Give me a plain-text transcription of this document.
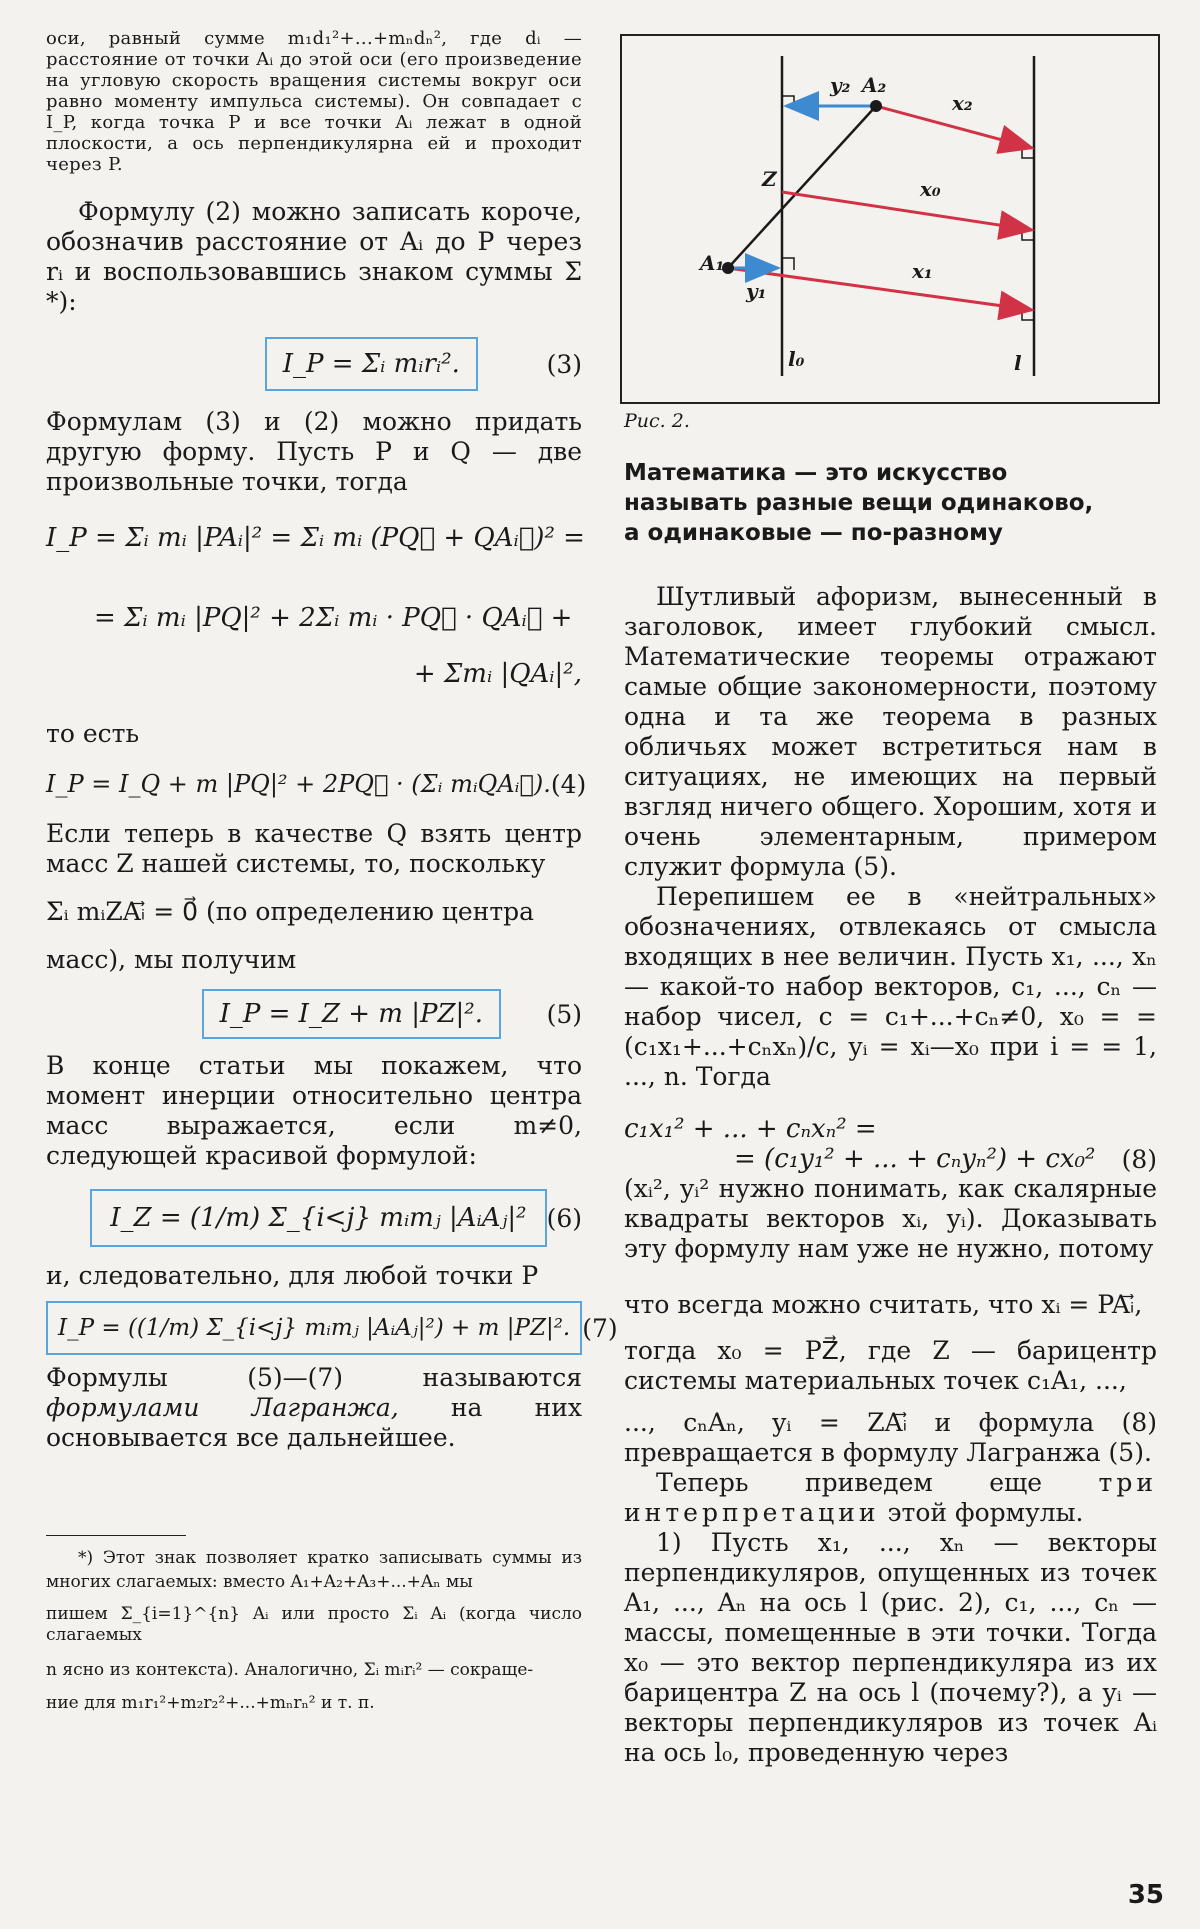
оси, равный сумме m₁d₁²+...+mₙdₙ², где dᵢ — расстояние от точки Aᵢ до этой оси (его произведение на угловую скорость вращения системы вокруг оси равно моменту импульса системы). Он совпадает с I_P, когда точка P и все точки Aᵢ лежат в одной плоскости, а ось перпендикулярна ей и проходит через P.

Формулу (2) можно записать короче, обозначив расстояние от Aᵢ до P через rᵢ и воспользовавшись знаком суммы Σ *):

I_P = Σᵢ mᵢrᵢ².	(3)

Формулам (3) и (2) можно придать другую форму. Пусть P и Q — две произвольные точки, тогда

I_P = Σᵢ mᵢ |PAᵢ|² = Σᵢ mᵢ (PQ⃗ + QAᵢ⃗)² =
= Σᵢ mᵢ |PQ|² + 2Σᵢ mᵢ · PQ⃗ · QAᵢ⃗ +
+ Σmᵢ |QAᵢ|²,

то есть

I_P = I_Q + m |PQ|² + 2PQ⃗ · (Σᵢ mᵢQAᵢ⃗). (4)

Если теперь в качестве Q взять центр масс Z нашей системы, то, поскольку

Σᵢ mᵢZAᵢ⃗ = 0⃗ (по определению центра

масс), мы получим

I_P = I_Z + m |PZ|².	(5)

В конце статьи мы покажем, что момент инерции относительно центра масс выражается, если m≠0, следующей красивой формулой:

I_Z = (1/m) Σ_{i<j} mᵢmⱼ |AᵢAⱼ|² (6)

и, следовательно, для любой точки P

I_P = ((1/m) Σ_{i<j} mᵢmⱼ |AᵢAⱼ|²) + m |PZ|². (7)

Формулы (5)—(7) называются формулами Лагранжа, на них основывается все дальнейшее.

*) Этот знак позволяет кратко записывать суммы из многих слагаемых: вместо A₁+A₂+A₃+...+Aₙ мы

пишем Σ_{i=1}^{n} Aᵢ или просто Σᵢ Aᵢ (когда число слагаемых

n ясно из контекста). Аналогично, Σᵢ mᵢrᵢ² — сокраще-

ние для m₁r₁²+m₂r₂²+...+mₙrₙ² и т. п.

A₂
y₂
x₂
Z	x₀
A₁
y₁
x₁
l₀	l
Рис. 2.
Математика — это искусство
называть разные вещи одинаково,
а одинаковые — по-разному

Шутливый афоризм, вынесенный в заголовок, имеет глубокий смысл. Математические теоремы отражают самые общие закономерности, поэтому одна и та же теорема в разных обличьях может встретиться нам в ситуациях, не имеющих на первый взгляд ничего общего. Хорошим, хотя и очень элементарным, примером служит формула (5).

Перепишем ее в «нейтральных» обозначениях, отвлекаясь от смысла входящих в нее величин. Пусть x₁, ..., xₙ — какой-то набор векторов, c₁, ..., cₙ — набор чисел, c = c₁+...+cₙ≠0, x₀ = = (c₁x₁+...+cₙxₙ)/c, yᵢ = xᵢ—x₀ при i = = 1, ..., n. Тогда

c₁x₁² + ... + cₙxₙ² =
= (c₁y₁² + ... + cₙyₙ²) + cx₀² (8)

(xᵢ², yᵢ² нужно понимать, как скалярные квадраты векторов xᵢ, yᵢ). Доказывать эту формулу нам уже не нужно, потому

что всегда можно считать, что xᵢ = PAᵢ⃗,

тогда x₀ = PZ⃗, где Z — барицентр системы материальных точек c₁A₁, ...,

..., cₙAₙ, yᵢ = ZAᵢ⃗ и формула (8) превращается в формулу Лагранжа (5).

Теперь приведем еще три интерпретации этой формулы.

1) Пусть x₁, ..., xₙ — векторы перпендикуляров, опущенных из точек A₁, ..., Aₙ на ось l (рис. 2), c₁, ..., cₙ — массы, помещенные в эти точки. Тогда x₀ — это вектор перпендикуляра из их барицентра Z на ось l (почему?), а yᵢ — векторы перпендикуляров из точек Aᵢ на ось l₀, проведенную через

35
